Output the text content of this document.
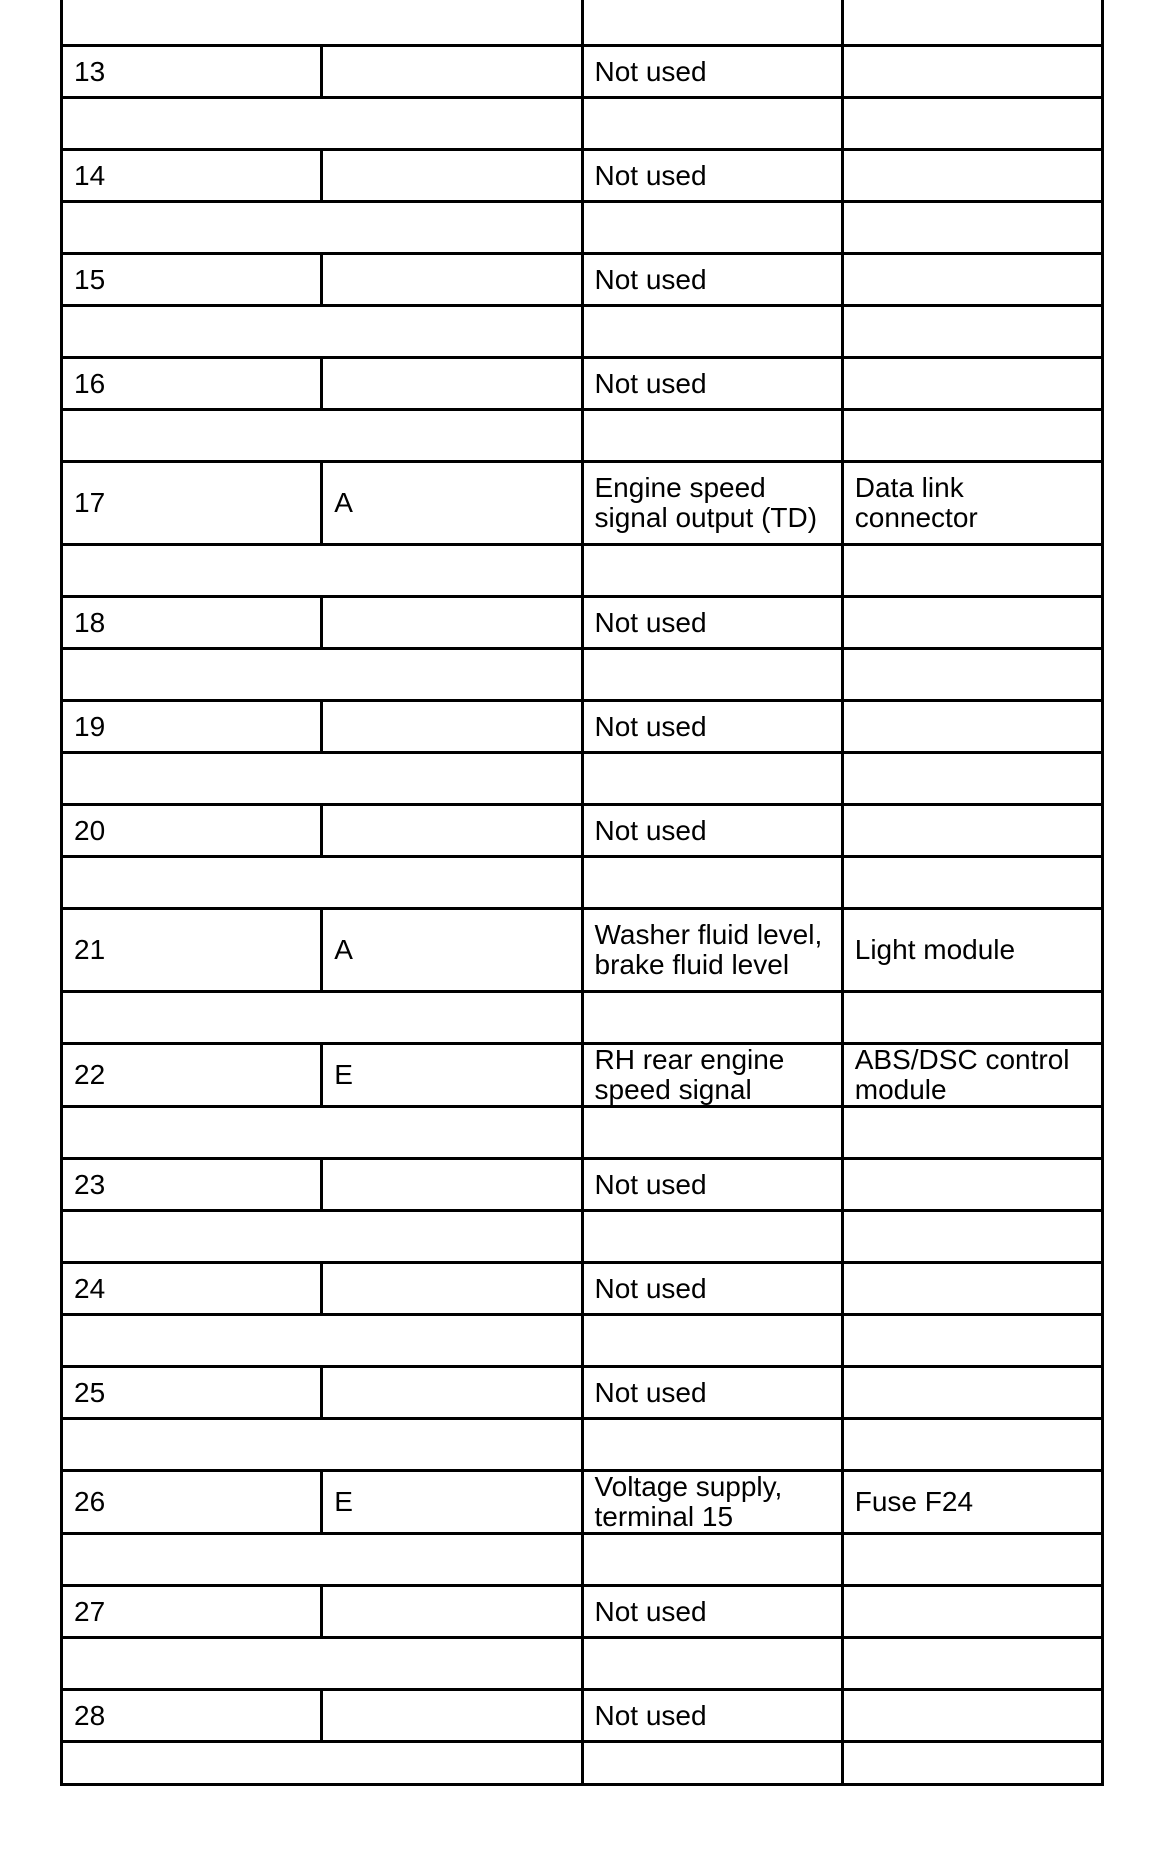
13		Not used	

14		Not used	

15		Not used	

16		Not used	

17	A	Engine speed signal output (TD)	Data link connector

18		Not used	

19		Not used	

20		Not used	

21	A	Washer fluid level, brake fluid level	Light module

22	E	RH rear engine speed signal	ABS/DSC control module

23		Not used	

24		Not used	

25		Not used	

26	E	Voltage supply, terminal 15	Fuse F24

27		Not used	

28		Not used	
